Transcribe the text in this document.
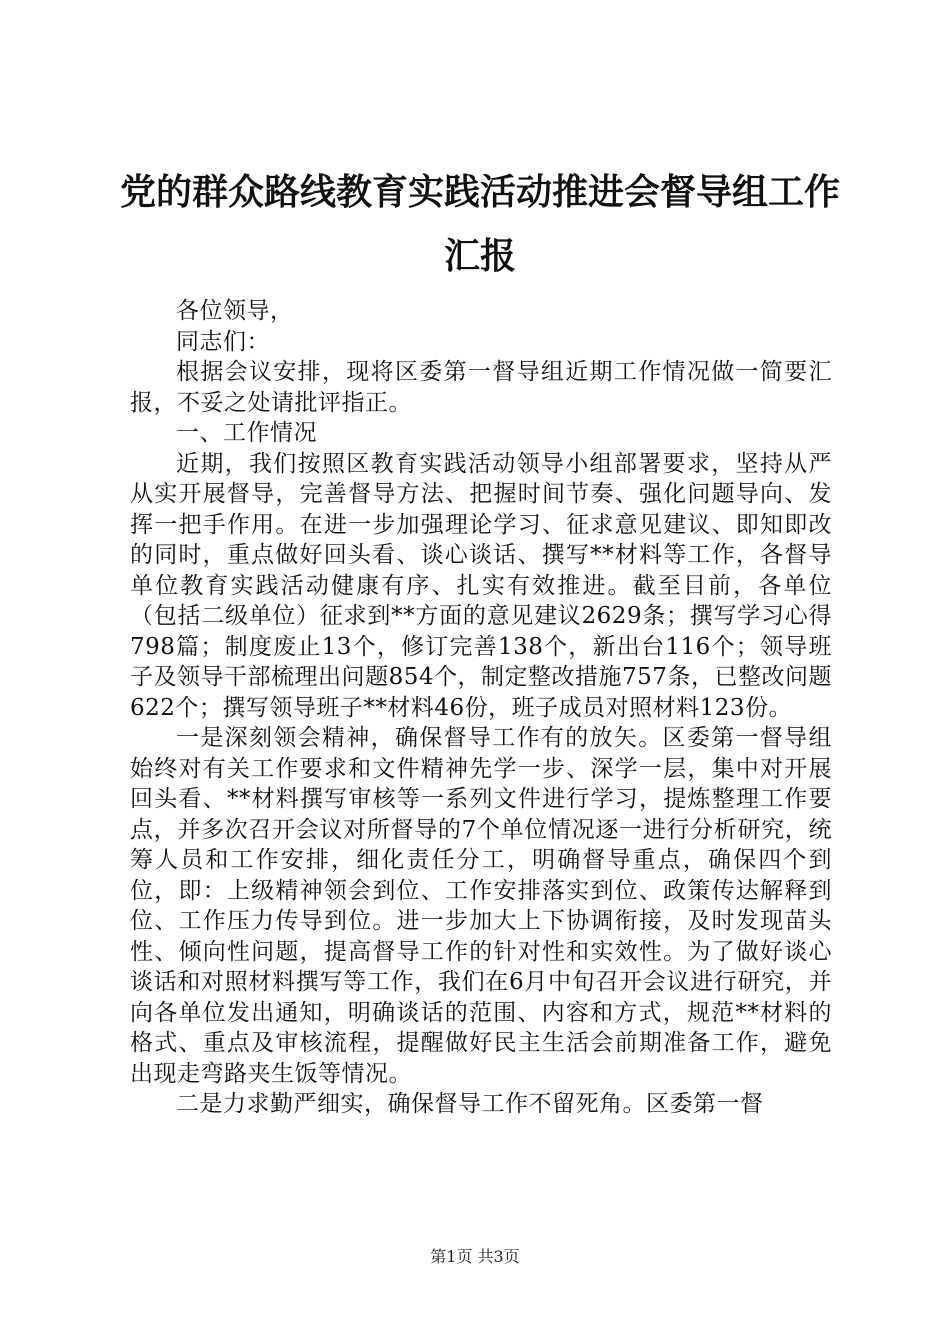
党的群众路线教育实践活动推进会督导组工作汇报

各位领导，

同志们：

根据会议安排，现将区委第一督导组近期工作情况做一简要汇报，不妥之处请批评指正。

一、工作情况

近期，我们按照区教育实践活动领导小组部署要求，坚持从严从实开展督导，完善督导方法、把握时间节奏、强化问题导向、发挥一把手作用。在进一步加强理论学习、征求意见建议、即知即改的同时，重点做好回头看、谈心谈话、撰写**材料等工作，各督导单位教育实践活动健康有序、扎实有效推进。截至目前，各单位（包括二级单位）征求到**方面的意见建议2629条；撰写学习心得798篇；制度废止13个，修订完善138个，新出台116个；领导班子及领导干部梳理出问题854个，制定整改措施757条，已整改问题622个；撰写领导班子**材料46份，班子成员对照材料123份。

一是深刻领会精神，确保督导工作有的放矢。区委第一督导组始终对有关工作要求和文件精神先学一步、深学一层，集中对开展回头看、**材料撰写审核等一系列文件进行学习，提炼整理工作要点，并多次召开会议对所督导的7个单位情况逐一进行分析研究，统筹人员和工作安排，细化责任分工，明确督导重点，确保四个到位，即：上级精神领会到位、工作安排落实到位、政策传达解释到位、工作压力传导到位。进一步加大上下协调衔接，及时发现苗头性、倾向性问题，提高督导工作的针对性和实效性。为了做好谈心谈话和对照材料撰写等工作，我们在6月中旬召开会议进行研究，并向各单位发出通知，明确谈话的范围、内容和方式，规范**材料的格式、重点及审核流程，提醒做好民主生活会前期准备工作，避免出现走弯路夹生饭等情况。

二是力求勤严细实，确保督导工作不留死角。区委第一督

第1页 共3页
